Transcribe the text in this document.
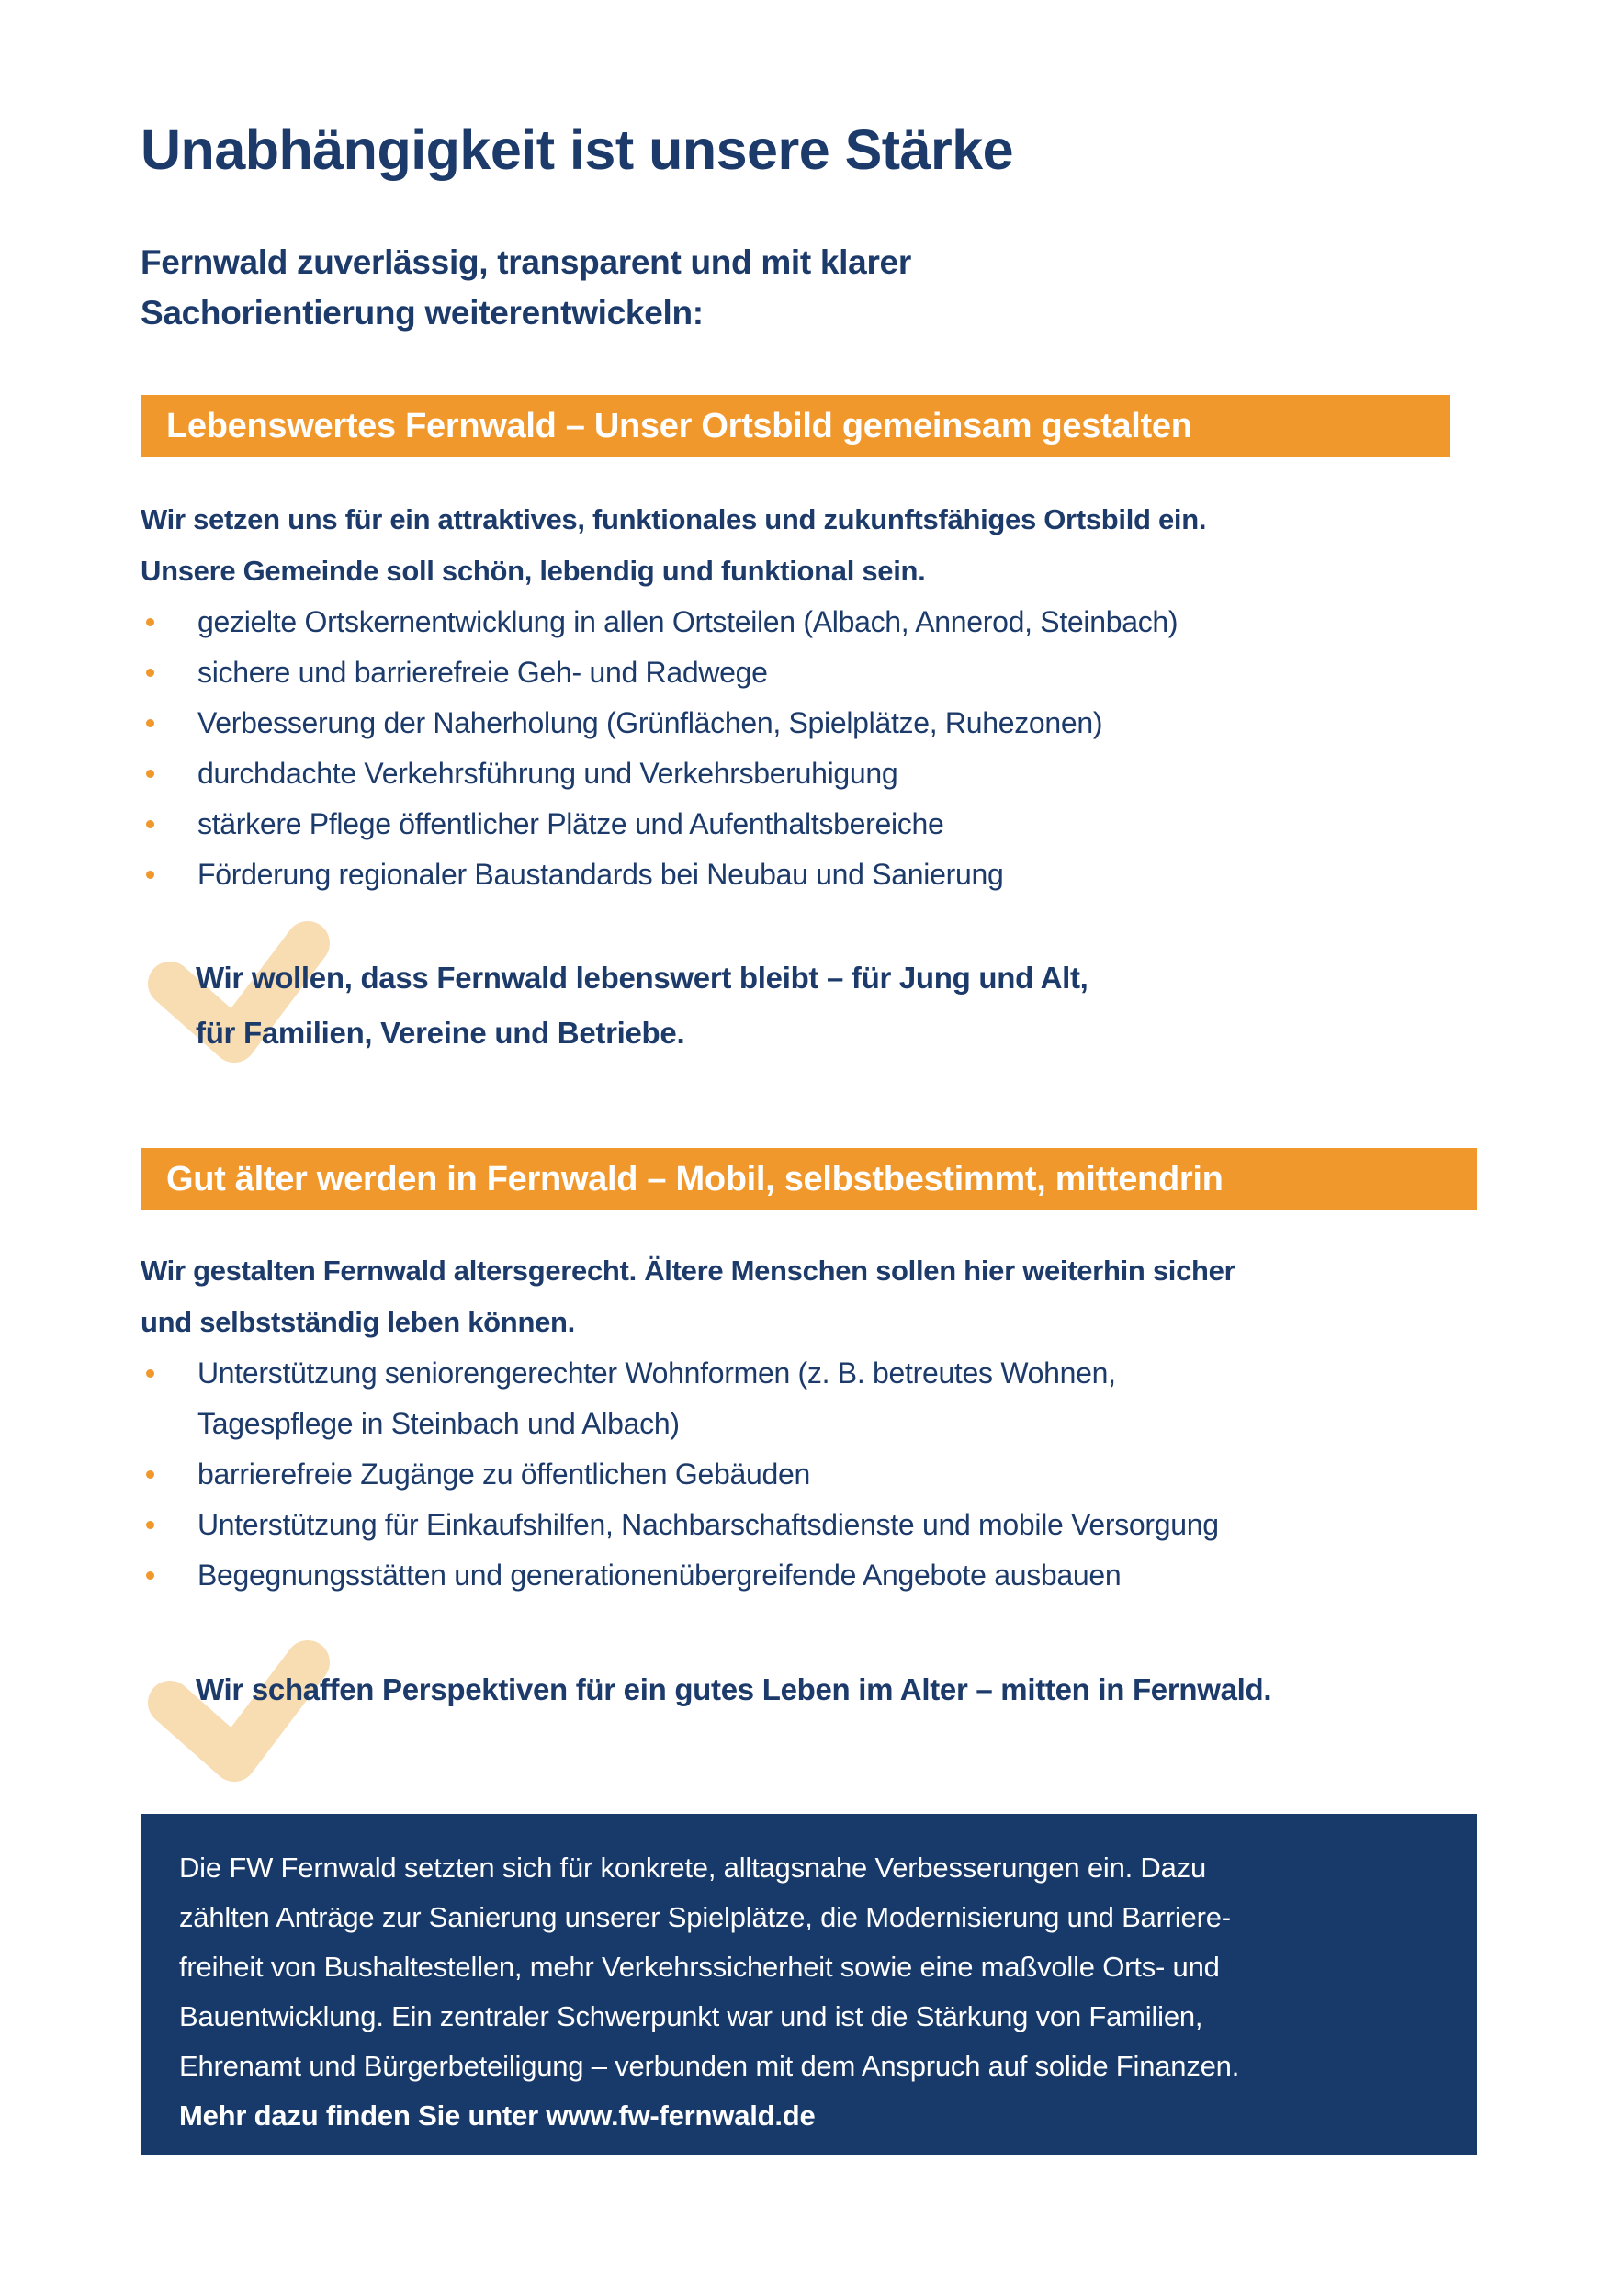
Unabhängigkeit ist unsere Stärke
Fernwald zuverlässig, transparent und mit klarer
Sachorientierung weiterentwickeln:
Lebenswertes Fernwald – Unser Ortsbild gemeinsam gestalten
Wir setzen uns für ein attraktives, funktionales und zukunftsfähiges Ortsbild ein.
Unsere Gemeinde soll schön, lebendig und funktional sein.
gezielte Ortskernentwicklung in allen Ortsteilen (Albach, Annerod, Steinbach)
sichere und barrierefreie Geh- und Radwege
Verbesserung der Naherholung (Grünflächen, Spielplätze, Ruhezonen)
durchdachte Verkehrsführung und Verkehrsberuhigung
stärkere Pflege öffentlicher Plätze und Aufenthaltsbereiche
Förderung regionaler Baustandards bei Neubau und Sanierung
Wir wollen, dass Fernwald lebenswert bleibt – für Jung und Alt,
für Familien, Vereine und Betriebe.
Gut älter werden in Fernwald – Mobil, selbstbestimmt, mittendrin
Wir gestalten Fernwald altersgerecht. Ältere Menschen sollen hier weiterhin sicher
und selbstständig leben können.
Unterstützung seniorengerechter Wohnformen (z. B. betreutes Wohnen,
Tagespflege in Steinbach und Albach)
barrierefreie Zugänge zu öffentlichen Gebäuden
Unterstützung für Einkaufshilfen, Nachbarschaftsdienste und mobile Versorgung
Begegnungsstätten und generationenübergreifende Angebote ausbauen
Wir schaffen Perspektiven für ein gutes Leben im Alter – mitten in Fernwald.
Die FW Fernwald setzten sich für konkrete, alltagsnahe Verbesserungen ein. Dazu
zählten Anträge zur Sanierung unserer Spielplätze, die Modernisierung und Barriere-
freiheit von Bushaltestellen, mehr Verkehrssicherheit sowie eine maßvolle Orts- und
Bauentwicklung. Ein zentraler Schwerpunkt war und ist die Stärkung von Familien,
Ehrenamt und Bürgerbeteiligung – verbunden mit dem Anspruch auf solide Finanzen.
Mehr dazu finden Sie unter www.fw-fernwald.de
